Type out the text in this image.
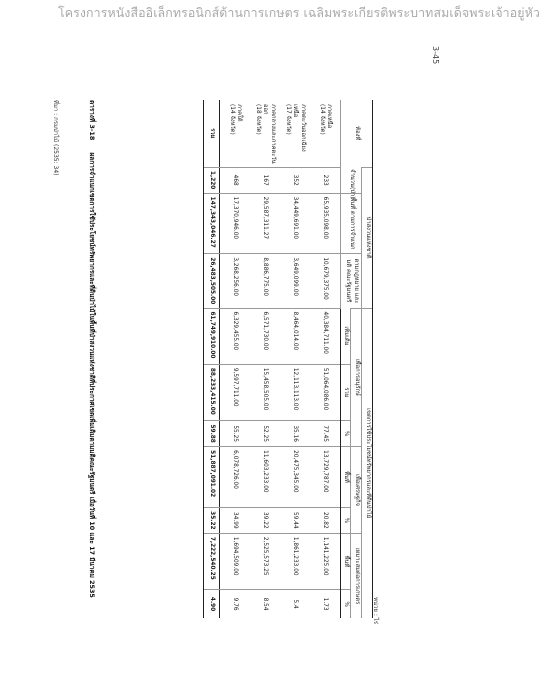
โครงการหนังสืออิเล็กทรอนิกส์ด้านการเกษตร เฉลิมพระเกียรติพระบาทสมเด็จพระเจ้าอยู่หัว
3-45
ตารางที่ 3-18 ผลการจำแนกเขตการใช้ประโยชน์ทรัพยากรและที่ดินป่าไม้ในพื้นที่ป่าสงวนแห่งชาติที่ประกาศเขตเพิ่มเติมตามมติคณะรัฐมนตรี เมื่อวันที่ 10 และ 17 มีนาคม 2535
หน่วย : ไร่
ท้องที่	ป่าสงวนแห่งชาติ			เขตการใช้ประโยชน์ทรัพยากรและที่ดินป่าไม้						
	จำนวน(ป่า)	พื้นที่ ตามการจำแนก	ตามกฎหมาย และมติ คณะรัฐมนตรี	เพื่อการอนุรักษ์			เพื่อเศรษฐกิจ		เหมาะสมต่อการเกษตร	
				เพิ่มเติม	รวม	%	พื้นที่	%	พื้นที่	%
ภาคเหนือ
(14 จังหวัด)	233	65,935,098.00	10,679,375.00	40,384,711.00	51,064,086.00	77.45	13,729,787.00	20.82	1,141,225.00	1.73
ภาคตะวันออกเฉียงเหนือ
(17 จังหวัด)	352	34,449,691.00	3,649,099.00	8,464,014.00	12,113,113.00	35.16	20,475,345.00	59.44	1,861,233.00	5.4
ภาคกลางและภาคตะวันออก
(18 จังหวัด)	167	29,587,311.27	8,886,775.00	6,571,730.00	15,458,505.00	52.25	11,603,233.00	39.22	2,525,573.25	8.54
ภาคใต้
(14 จังหวัด)	468	17,370,946.00	3,268,256.00	6,329,455.00	9,597,711.00	55.25	6,078,726.00	34.99	1,694,509.00	9.76
รวม	1,220	147,343,046.27	26,483,505.00	61,749,910.00	88,233,415.00	59.88	51,887,091.02	35.22	7,222,540.25	4.90
ที่มา : กรมป่าไม้ (2535: 34)
